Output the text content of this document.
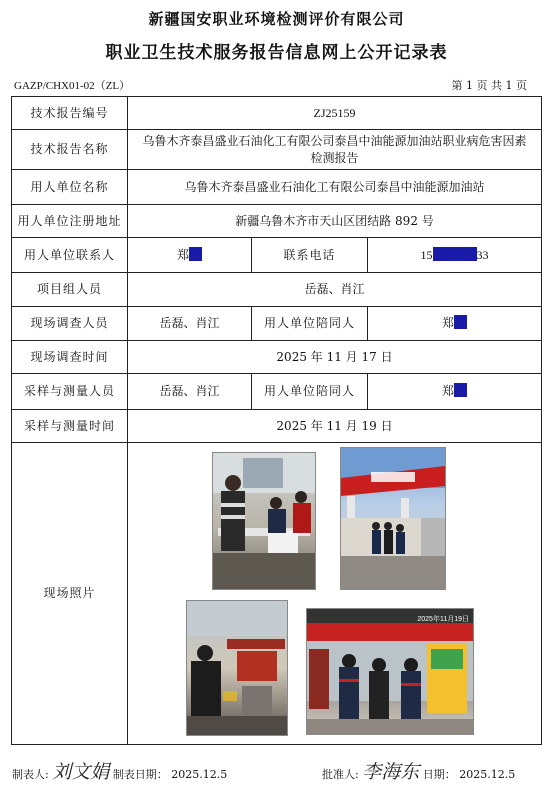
新疆国安职业环境检测评价有限公司
职业卫生技术服务报告信息网上公开记录表
GAZP/CHX01-02（ZL）	第 1 页 共 1 页
技术报告编号	ZJ25159		
技术报告名称	乌鲁木齐泰昌盛业石油化工有限公司泰昌中油能源加油站职业病危害因素检测报告		
用人单位名称	乌鲁木齐泰昌盛业石油化工有限公司泰昌中油能源加油站		
用人单位注册地址	新疆乌鲁木齐市天山区团结路 892 号		
用人单位联系人	郑	联系电话	15 33
项目组人员	岳磊、肖江		
现场调查人员	岳磊、肖江	用人单位陪同人	郑
现场调查时间	2025 年 11 月 17 日		
采样与测量人员	岳磊、肖江	用人单位陪同人	郑
采样与测量时间	2025 年 11 月 19 日		
现场照片	2025年11月19日		
制表人: 刘文娟 制表日期： 2025.12.5	批准人: 李海东 日期： 2025.12.5
